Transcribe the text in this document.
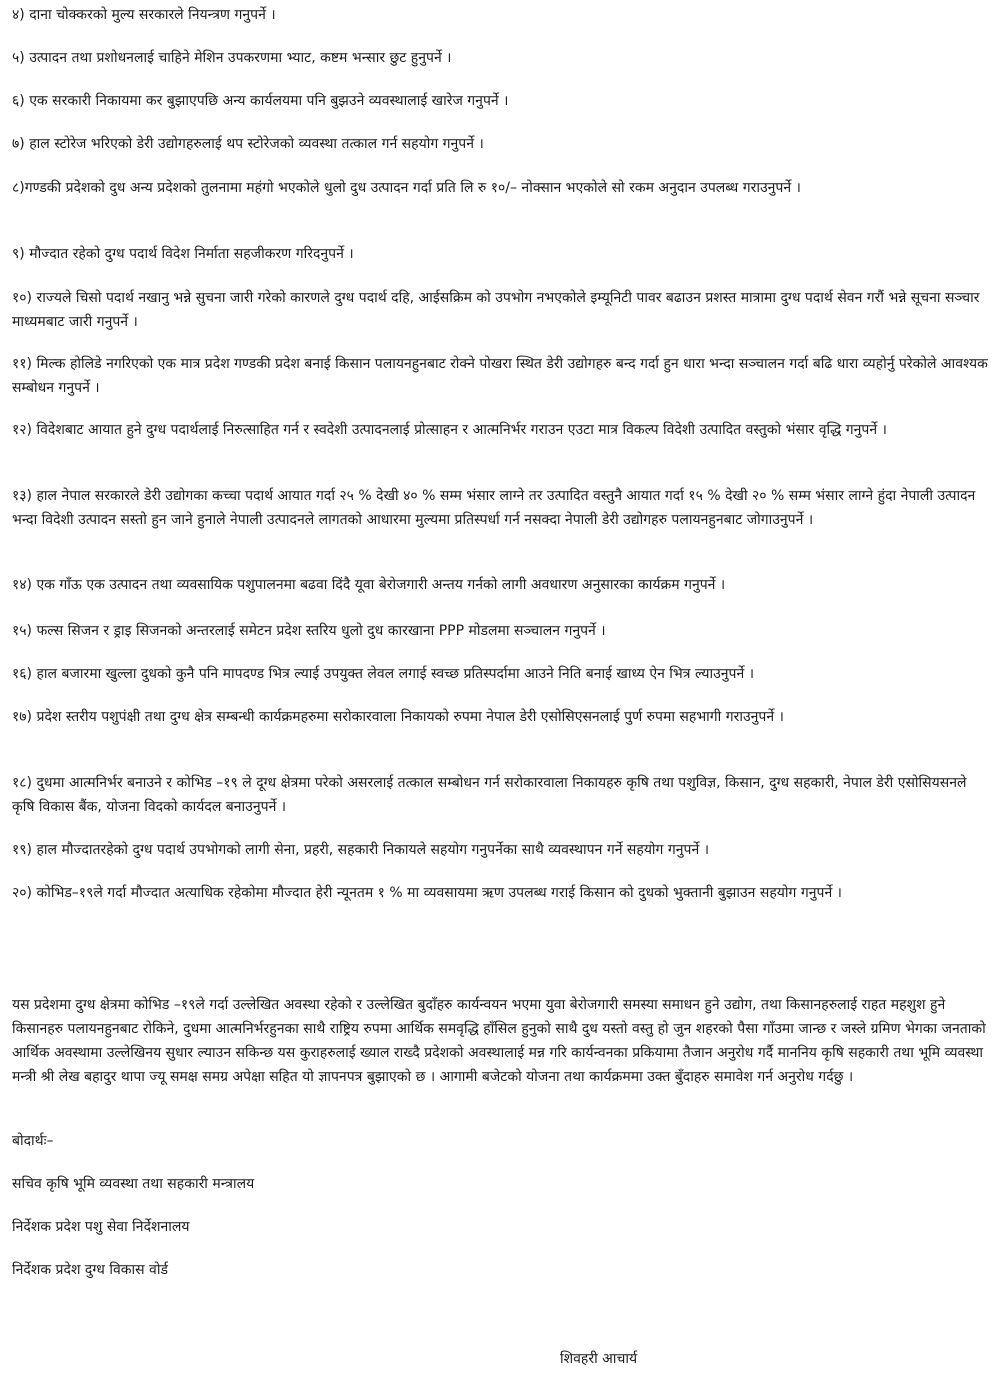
४) दाना चोक्करको मुल्य सरकारले नियन्त्रण गनुपर्ने ।

५) उत्पादन तथा प्रशोधनलाई चाहिने मेशिन उपकरणमा भ्याट, कष्टम भन्सार छुट हुनुपर्ने ।

६) एक सरकारी निकायमा कर बुझाएपछि अन्य कार्यलयमा पनि बुझउने व्यवस्थालाई खारेज गनुपर्ने ।

७) हाल स्टोरेज भरिएको डेरी उद्योगहरुलाई थप स्टोरेजको व्यवस्था तत्काल गर्न सहयोग गनुपर्ने ।

८)गण्डकी प्रदेशको दुध अन्य प्रदेशको तुलनामा महंगो भएकोले धुलो दुध उत्पादन गर्दा प्रति लि रु १०/– नोक्सान भएकोले सो रकम अनुदान उपलब्ध गराउनुपर्ने ।

९) मौज्दात रहेको दुग्ध पदार्थ विदेश निर्माता सहजीकरण गरिदनुपर्ने ।

१०) राज्यले चिसो पदार्थ नखानु भन्ने सुचना जारी गरेको कारणले दुग्ध पदार्थ दहि, आईसक्रिम को उपभोग नभएकोले इम्यूनिटी पावर बढाउन प्रशस्त मात्रामा दुग्ध पदार्थ सेवन गरौं भन्ने सूचना सञ्चार माध्यमबाट जारी गनुपर्ने ।

११) मिल्क होलिडे नगरिएको एक मात्र प्रदेश गण्डकी प्रदेश बनाई किसान पलायनहुनबाट रोक्ने पोखरा स्थित डेरी उद्योगहरु बन्द गर्दा हुन धारा भन्दा सञ्चालन गर्दा बढि धारा व्यहोर्नु परेकोले आवश्यक सम्बोधन गनुपर्ने ।

१२) विदेशबाट आयात हुने दुग्ध पदार्थलाई निरुत्साहित गर्न र स्वदेशी उत्पादनलाई प्रोत्साहन र आत्मनिर्भर गराउन एउटा मात्र विकल्प विदेशी उत्पादित वस्तुको भंसार वृद्धि गनुपर्ने ।

१३) हाल नेपाल सरकारले डेरी उद्योगका कच्चा पदार्थ आयात गर्दा २५ % देखी ४० % सम्म भंसार लाग्ने तर उत्पादित वस्तुनै आयात गर्दा १५ % देखी २० % सम्म भंसार लाग्ने हुंदा नेपाली उत्पादन भन्दा विदेशी उत्पादन सस्तो हुन जाने हुनाले नेपाली उत्पादनले लागतको आधारमा मुल्यमा प्रतिस्पर्धा गर्न नसक्दा नेपाली डेरी उद्योगहरु पलायनहुनबाट जोगाउनुपर्ने ।

१४) एक गाँऊ एक उत्पादन तथा व्यवसायिक पशुपालनमा बढवा दिंदै यूवा बेरोजगारी अन्तय गर्नको लागी अवधारण अनुसारका कार्यक्रम गनुपर्ने ।

१५) फल्स सिजन र ड्राइ सिजनको अन्तरलाई समेटन प्रदेश स्तरिय धुलो दुध कारखाना PPP मोडलमा सञ्चालन गनुपर्ने ।

१६) हाल बजारमा खुल्ला दुधको कुनै पनि मापदण्ड भित्र ल्याई उपयुक्त लेवल लगाई स्वच्छ प्रतिस्पर्दामा आउने निति बनाई खाध्य ऐन भित्र ल्याउनुपर्ने ।

१७) प्रदेश स्तरीय पशुपंक्षी तथा दुग्ध क्षेत्र सम्बन्धी कार्यक्रमहरुमा सरोकारवाला निकायको रुपमा नेपाल डेरी एसोसिएसनलाई पुर्ण रुपमा सहभागी गराउनुपर्ने ।

१८) दुधमा आत्मनिर्भर बनाउने र कोभिड –१९ ले दूग्ध क्षेत्रमा परेको असरलाई तत्काल सम्बोधन गर्न सरोकारवाला निकायहरु कृषि तथा पशुविज्ञ, किसान, दुग्ध सहकारी, नेपाल डेरी एसोसियसनले कृषि विकास बैंक, योजना विदको कार्यदल बनाउनुपर्ने ।

१९) हाल मौज्दातरहेको दुग्ध पदार्थ उपभोगको लागी सेना, प्रहरी, सहकारी निकायले सहयोग गनुपर्नेका साथै व्यवस्थापन गर्ने सहयोग गनुपर्ने ।

२०) कोभिड–१९ले गर्दा मौज्दात अत्याधिक रहेकोमा मौज्दात हेरी न्यूनतम १ % मा व्यवसायमा ऋण उपलब्ध गराई किसान को दुधको भुक्तानी बुझाउन सहयोग गनुपर्ने ।

यस प्रदेशमा दुग्ध क्षेत्रमा कोभिड –१९ले गर्दा उल्लेखित अवस्था रहेको र उल्लेखित बुदाँहरु कार्यन्वयन भएमा युवा बेरोजगारी समस्या समाधन हुने उद्योग, तथा किसानहरुलाई राहत महशुश हुने किसानहरु पलायनहुनबाट रोकिने, दुधमा आत्मनिर्भरहुनका साथै राष्ट्रिय रुपमा आर्थिक समवृद्धि हाँसिल हुनुको साथै दुध यस्तो वस्तु हो जुन शहरको पैसा गाँउमा जान्छ र जस्ले ग्रमिण भेगका जनताको आर्थिक अवस्थामा उल्लेखिनय सुधार ल्याउन सकिन्छ यस कुराहरुलाई ख्याल राख्दै प्रदेशको अवस्थालाई मन्न गरि कार्यन्वनका प्रकियामा तैजान अनुरोध गर्दै माननिय कृषि सहकारी तथा भूमि व्यवस्था मन्त्री श्री लेख बहादुर थापा ज्यू समक्ष समग्र अपेक्षा सहित यो ज्ञापनपत्र बुझाएको छ । आगामी बजेटको योजना तथा कार्यक्रममा उक्त बुँदाहरु समावेश गर्न अनुरोध गर्दछु ।

बोदार्थः–

सचिव कृषि भूमि व्यवस्था तथा सहकारी मन्त्रालय

निर्देशक प्रदेश पशु सेवा निर्देशनालय

निर्देशक प्रदेश दुग्ध विकास वोर्ड

शिवहरी आचार्य
